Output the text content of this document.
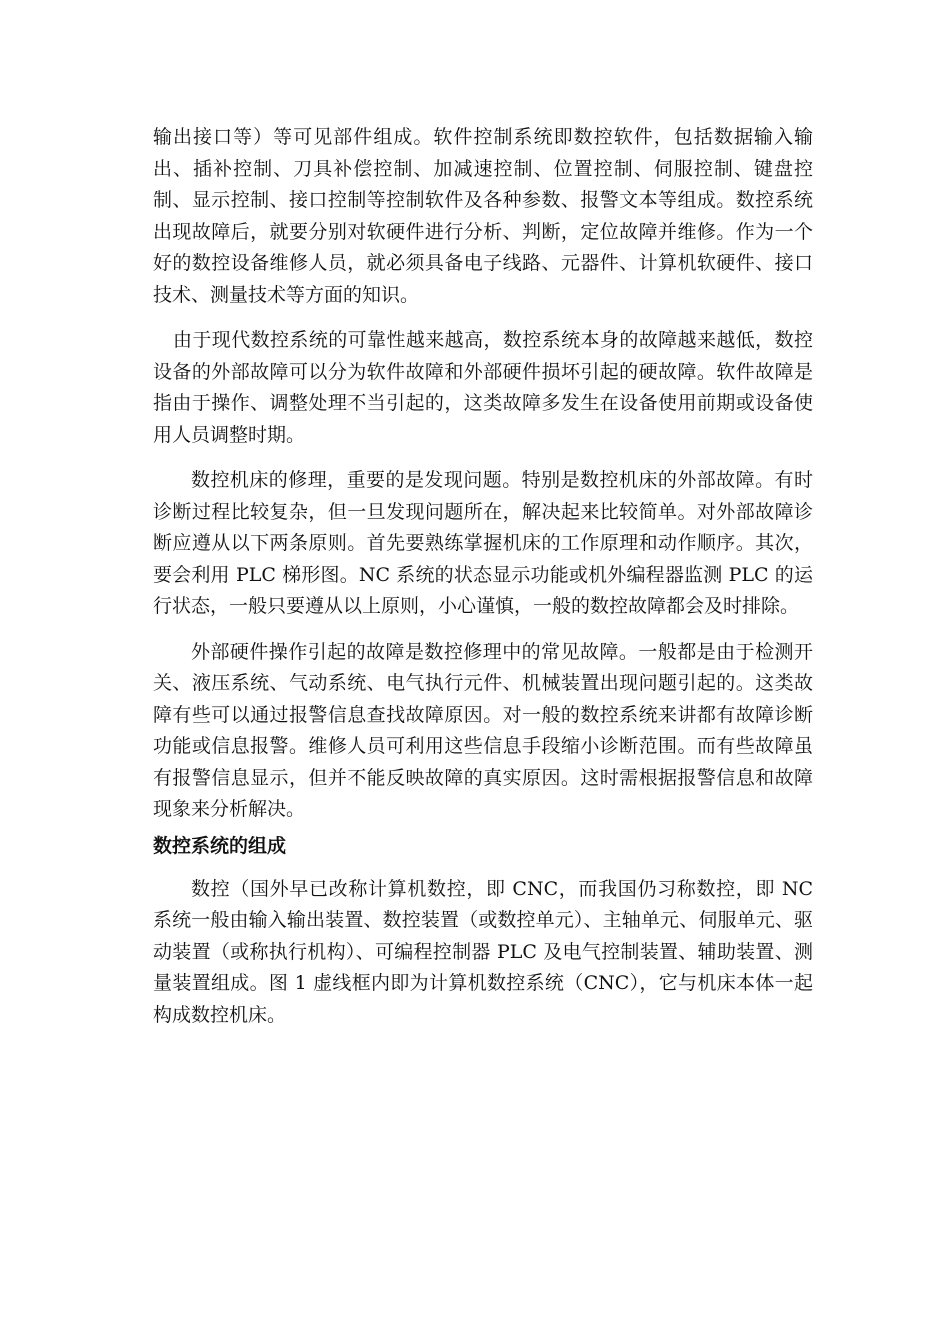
输出接口等）等可见部件组成。软件控制系统即数控软件，包括数据输入输出、插补控制、刀具补偿控制、加减速控制、位置控制、伺服控制、键盘控制、显示控制、接口控制等控制软件及各种参数、报警文本等组成。数控系统出现故障后，就要分别对软硬件进行分析、判断，定位故障并维修。作为一个好的数控设备维修人员，就必须具备电子线路、元器件、计算机软硬件、接口技术、测量技术等方面的知识。

由于现代数控系统的可靠性越来越高，数控系统本身的故障越来越低，数控设备的外部故障可以分为软件故障和外部硬件损坏引起的硬故障。软件故障是指由于操作、调整处理不当引起的，这类故障多发生在设备使用前期或设备使用人员调整时期。

数控机床的修理，重要的是发现问题。特别是数控机床的外部故障。有时诊断过程比较复杂，但一旦发现问题所在，解决起来比较简单。对外部故障诊断应遵从以下两条原则。首先要熟练掌握机床的工作原理和动作顺序。其次，要会利用 PLC 梯形图。NC 系统的状态显示功能或机外编程器监测 PLC 的运行状态，一般只要遵从以上原则，小心谨慎，一般的数控故障都会及时排除。

外部硬件操作引起的故障是数控修理中的常见故障。一般都是由于检测开关、液压系统、气动系统、电气执行元件、机械装置出现问题引起的。这类故障有些可以通过报警信息查找故障原因。对一般的数控系统来讲都有故障诊断功能或信息报警。维修人员可利用这些信息手段缩小诊断范围。而有些故障虽有报警信息显示，但并不能反映故障的真实原因。这时需根据报警信息和故障现象来分析解决。

数控系统的组成

数控（国外早已改称计算机数控，即 CNC，而我国仍习称数控，即 NC 系统一般由输入输出装置、数控装置（或数控单元）、主轴单元、伺服单元、驱动装置（或称执行机构）、可编程控制器 PLC 及电气控制装置、辅助装置、测量装置组成。图 1 虚线框内即为计算机数控系统（CNC），它与机床本体一起构成数控机床。
